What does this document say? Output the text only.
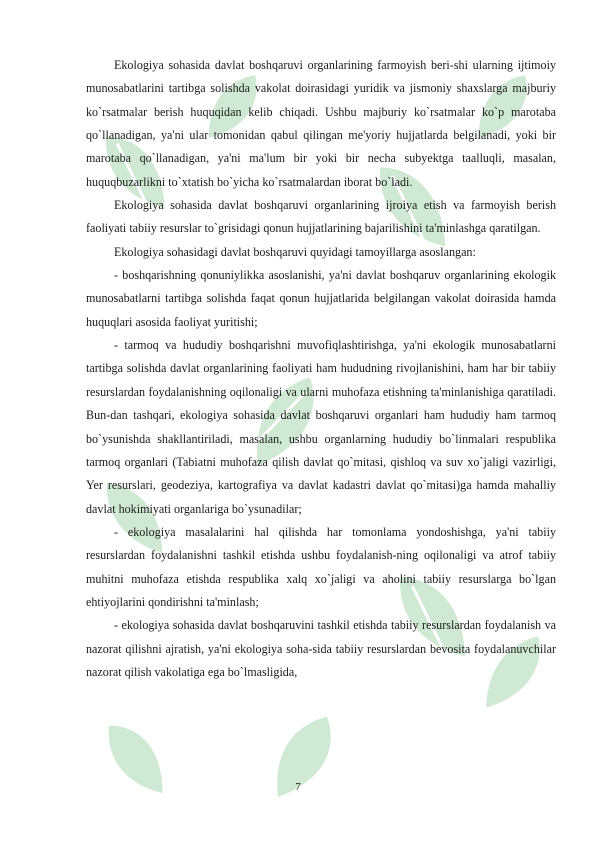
Ekologiya sohasida davlat boshqaruvi organlarining farmoyish beri-shi ularning ijtimoiy munosabatlarini tartibga solishda vakolat doirasidagi yuridik va jismoniy shaxslarga majburiy ko`rsatmalar berish huquqidan kelib chiqadi. Ushbu majburiy ko`rsatmalar ko`p marotaba qo`llanadigan, ya'ni ular tomonidan qabul qilingan me'yoriy hujjatlarda belgilanadi, yoki bir marotaba qo`llanadigan, ya'ni ma'lum bir yoki bir necha subyektga taalluqli, masalan, huquqbuzarlikni to`xtatish bo`yicha ko`rsatmalardan iborat bo`ladi.

Ekologiya sohasida davlat boshqaruvi organlarining ijroiya etish va farmoyish berish faoliyati tabiiy resurslar to`grisidagi qonun hujjatlarining bajarilishini ta'minlashga qaratilgan.

Ekologiya sohasidagi davlat boshqaruvi quyidagi tamoyillarga asoslangan:

- boshqarishning qonuniylikka asoslanishi, ya'ni davlat boshqaruv organlarining ekologik munosabatlarni tartibga solishda faqat qonun hujjatlarida belgilangan vakolat doirasida hamda huquqlari asosida faoliyat yuritishi;

- tarmoq va hududiy boshqarishni muvofiqlashtirishga, ya'ni ekologik munosabatlarni tartibga solishda davlat organlarining faoliyati ham hududning rivojlanishini, ham har bir tabiiy resurslardan foydalanishning oqilonaligi va ularni muhofaza etishning ta'minlanishiga qaratiladi. Bun-dan tashqari, ekologiya sohasida davlat boshqaruvi organlari ham hududiy ham tarmoq bo`ysunishda shakllantiriladi, masalan, ushbu organlarning hududiy bo`linmalari respublika tarmoq organlari (Tabiatni muhofaza qilish davlat qo`mitasi, qishloq va suv xo`jaligi vazirligi, Yer resurslari, geodeziya, kartografiya va davlat kadastri davlat qo`mitasi)ga hamda mahalliy davlat hokimiyati organlariga bo`ysunadilar;

- ekologiya masalalarini hal qilishda har tomonlama yondoshishga, ya'ni tabiiy resurslardan foydalanishni tashkil etishda ushbu foydalanish-ning oqilonaligi va atrof tabiiy muhitni muhofaza etishda respublika xalq xo`jaligi va aholini tabiiy resurslarga bo`lgan ehtiyojlarini qondirishni ta'minlash;

- ekologiya sohasida davlat boshqaruvini tashkil etishda tabiiy resurslardan foydalanish va nazorat qilishni ajratish, ya'ni ekologiya soha-sida tabiiy resurslardan bevosita foydalanuvchilar nazorat qilish vakolatiga ega bo`lmasligida,

7
